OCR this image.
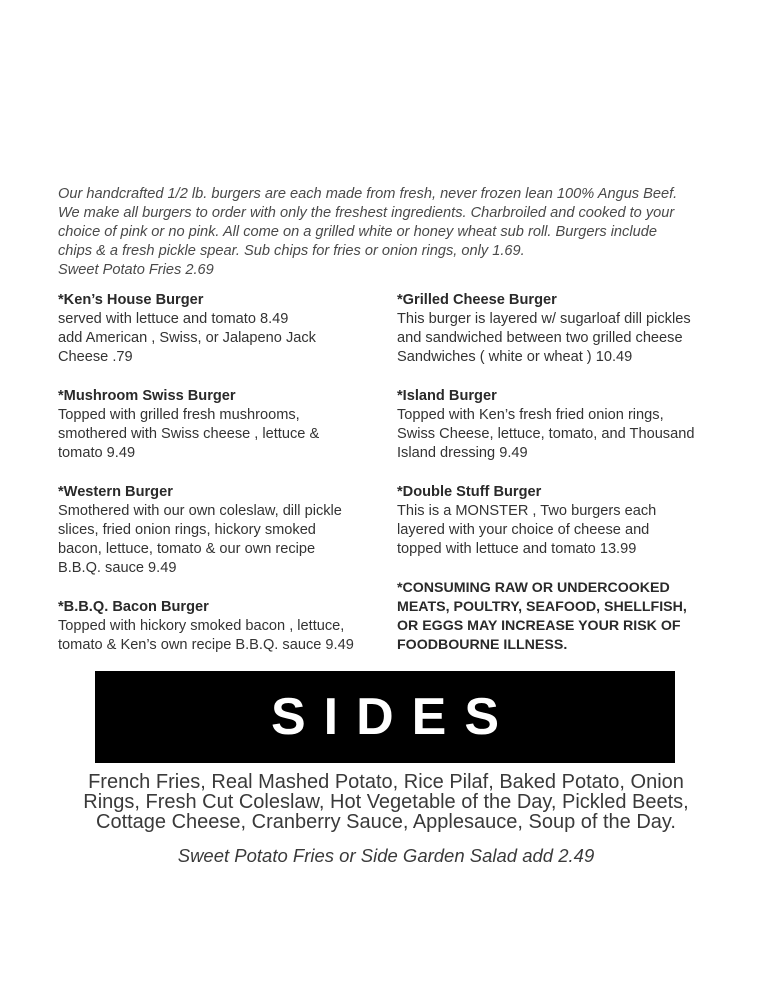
Our handcrafted 1/2 lb. burgers are each made from fresh, never frozen lean 100% Angus Beef.
We make all burgers to order with only the freshest ingredients. Charbroiled and cooked to your
choice of pink or no pink. All come on a grilled white or honey wheat sub roll. Burgers include
chips & a fresh pickle spear. Sub chips for fries or onion rings, only 1.69.
Sweet Potato Fries 2.69

*Ken’s House Burger
served with lettuce and tomato 8.49
add American , Swiss, or Jalapeno Jack
Cheese .79
*Mushroom Swiss Burger
Topped with grilled fresh mushrooms,
smothered with Swiss cheese , lettuce &
tomato 9.49
*Western Burger
Smothered with our own coleslaw, dill pickle
slices, fried onion rings, hickory smoked
bacon, lettuce, tomato & our own recipe
B.B.Q. sauce 9.49
*B.B.Q. Bacon Burger
Topped with hickory smoked bacon , lettuce,
tomato & Ken’s own recipe B.B.Q. sauce 9.49
*Grilled Cheese Burger
This burger is layered w/ sugarloaf dill pickles
and sandwiched between two grilled cheese
Sandwiches ( white or wheat ) 10.49
*Island Burger
Topped with Ken’s fresh fried onion rings,
Swiss Cheese, lettuce, tomato, and Thousand
Island dressing 9.49
*Double Stuff Burger
This is a MONSTER , Two burgers each
layered with your choice of cheese and
topped with lettuce and tomato 13.99
*CONSUMING RAW OR UNDERCOOKED
MEATS, POULTRY, SEAFOOD, SHELLFISH,
OR EGGS MAY INCREASE YOUR RISK OF
FOODBOURNE ILLNESS.
SIDES
French Fries, Real Mashed Potato, Rice Pilaf, Baked Potato, Onion
Rings, Fresh Cut Coleslaw, Hot Vegetable of the Day, Pickled Beets,
Cottage Cheese, Cranberry Sauce, Applesauce, Soup of the Day.
Sweet Potato Fries or Side Garden Salad add 2.49
